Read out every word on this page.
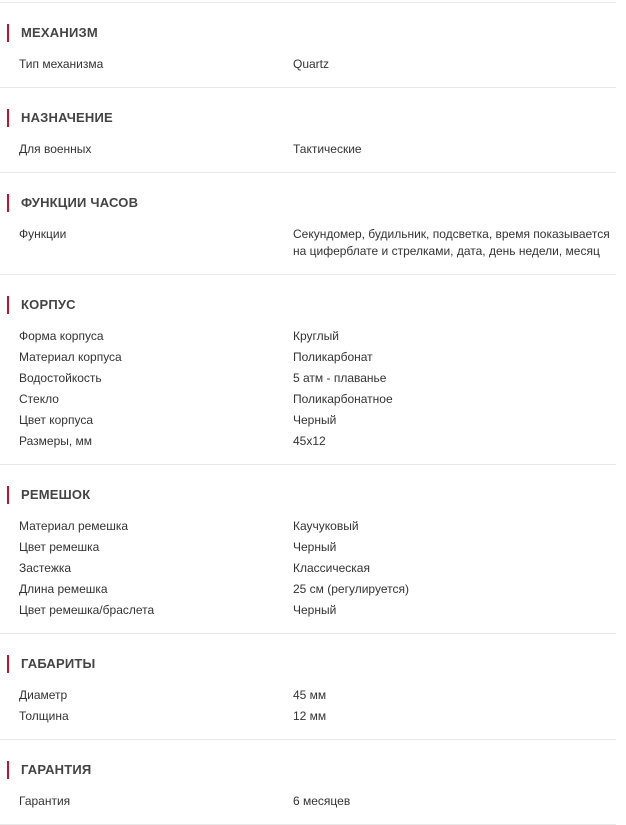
МЕХАНИЗМ
Тип механизма	Quartz
НАЗНАЧЕНИЕ
Для военных	Тактические
ФУНКЦИИ ЧАСОВ
Функции	Секундомер, будильник, подсветка, время показывается на циферблате и стрелками, дата, день недели, месяц
КОРПУС
Форма корпуса	Круглый
Материал корпуса	Поликарбонат
Водостойкость	5 атм - плаванье
Стекло	Поликарбонатное
Цвет корпуса	Черный
Размеры, мм	45x12
РЕМЕШОК
Материал ремешка	Каучуковый
Цвет ремешка	Черный
Застежка	Классическая
Длина ремешка	25 см (регулируется)
Цвет ремешка/браслета	Черный
ГАБАРИТЫ
Диаметр	45 мм
Толщина	12 мм
ГАРАНТИЯ
Гарантия	6 месяцев
